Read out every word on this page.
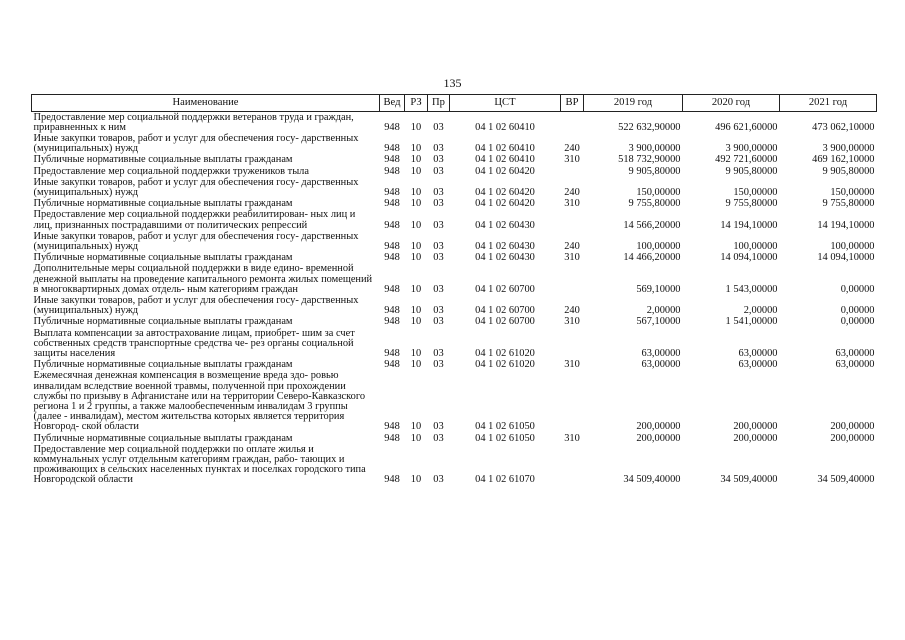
135
Наименование	Вед	РЗ	Пр	ЦСТ	ВР	2019 год	2020 год	2021 год
Предоставление мер социальной поддержки ветеранов труда и граждан, приравненных к ним	948	10	03	04 1 02 60410		522 632,90000	496 621,60000	473 062,10000
Иные закупки товаров, работ и услуг для обеспечения госу- дарственных (муниципальных) нужд	948	10	03	04 1 02 60410	240	3 900,00000	3 900,00000	3 900,00000
Публичные нормативные социальные выплаты гражданам	948	10	03	04 1 02 60410	310	518 732,90000	492 721,60000	469 162,10000
Предоставление мер социальной поддержки тружеников тыла	948	10	03	04 1 02 60420		9 905,80000	9 905,80000	9 905,80000
Иные закупки товаров, работ и услуг для обеспечения госу- дарственных (муниципальных) нужд	948	10	03	04 1 02 60420	240	150,00000	150,00000	150,00000
Публичные нормативные социальные выплаты гражданам	948	10	03	04 1 02 60420	310	9 755,80000	9 755,80000	9 755,80000
Предоставление мер социальной поддержки реабилитирован- ных лиц и лиц, признанных пострадавшими от политических репрессий	948	10	03	04 1 02 60430		14 566,20000	14 194,10000	14 194,10000
Иные закупки товаров, работ и услуг для обеспечения госу- дарственных (муниципальных) нужд	948	10	03	04 1 02 60430	240	100,00000	100,00000	100,00000
Публичные нормативные социальные выплаты гражданам	948	10	03	04 1 02 60430	310	14 466,20000	14 094,10000	14 094,10000
Дополнительные меры социальной поддержки в виде едино- временной денежной выплаты на проведение капитального ремонта жилых помещений в многоквартирных домах отдель- ным категориям граждан	948	10	03	04 1 02 60700		569,10000	1 543,00000	0,00000
Иные закупки товаров, работ и услуг для обеспечения госу- дарственных (муниципальных) нужд	948	10	03	04 1 02 60700	240	2,00000	2,00000	0,00000
Публичные нормативные социальные выплаты гражданам	948	10	03	04 1 02 60700	310	567,10000	1 541,00000	0,00000
Выплата компенсации за автострахование лицам, приобрет- шим за счет собственных средств транспортные средства че- рез органы социальной защиты населения	948	10	03	04 1 02 61020		63,00000	63,00000	63,00000
Публичные нормативные социальные выплаты гражданам	948	10	03	04 1 02 61020	310	63,00000	63,00000	63,00000
Ежемесячная денежная компенсация в возмещение вреда здо- ровью инвалидам вследствие военной травмы, полученной при прохождении службы по призыву в Афганистане или на территории Северо-Кавказского региона 1 и 2 группы, а также малообеспеченным инвалидам 3 группы (далее - инвалидам), местом жительства которых является территория Новгород- ской области	948	10	03	04 1 02 61050		200,00000	200,00000	200,00000
Публичные нормативные социальные выплаты гражданам	948	10	03	04 1 02 61050	310	200,00000	200,00000	200,00000
Предоставление мер социальной поддержки по оплате жилья и коммунальных услуг отдельным категориям граждан, рабо- тающих и проживающих в сельских населенных пунктах и поселках городского типа Новгородской области	948	10	03	04 1 02 61070		34 509,40000	34 509,40000	34 509,40000
